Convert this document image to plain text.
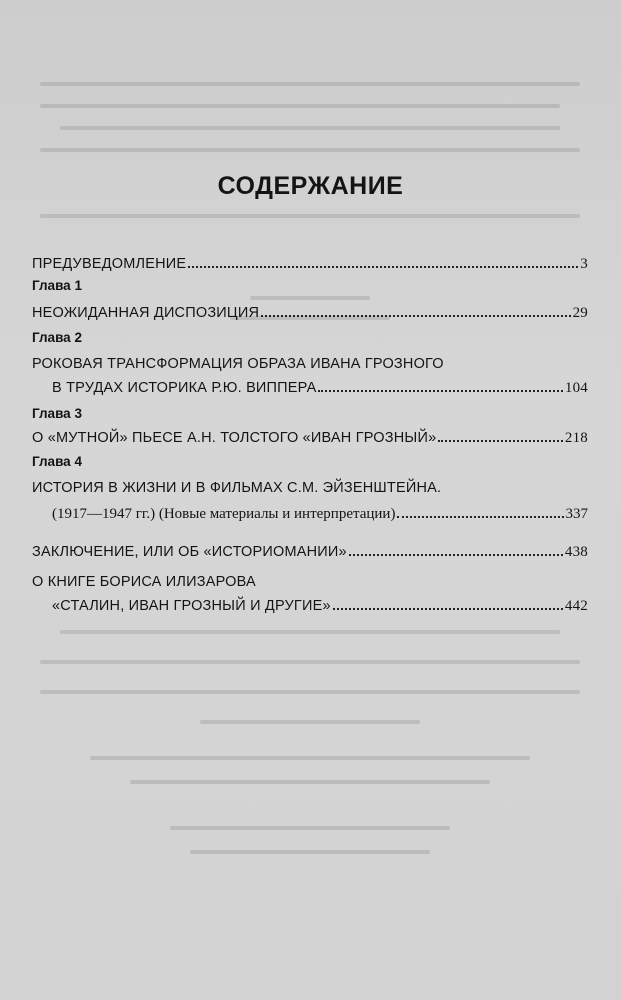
СОДЕРЖАНИЕ
ПРЕДУВЕДОМЛЕНИЕ	3
Глава 1
НЕОЖИДАННАЯ ДИСПОЗИЦИЯ	29
Глава 2
РОКОВАЯ ТРАНСФОРМАЦИЯ ОБРАЗА ИВАНА ГРОЗНОГО
В ТРУДАХ ИСТОРИКА Р.Ю. ВИППЕРА	104
Глава 3
О «МУТНОЙ» ПЬЕСЕ А.Н. ТОЛСТОГО «ИВАН ГРОЗНЫЙ»	218
Глава 4
ИСТОРИЯ В ЖИЗНИ И В ФИЛЬМАХ С.М. ЭЙЗЕНШТЕЙНА.
(1917—1947 гг.) (Новые материалы и интерпретации)	337
ЗАКЛЮЧЕНИЕ, ИЛИ ОБ «ИСТОРИОМАНИИ»	438
О КНИГЕ БОРИСА ИЛИЗАРОВА
«СТАЛИН, ИВАН ГРОЗНЫЙ И ДРУГИЕ»	442
